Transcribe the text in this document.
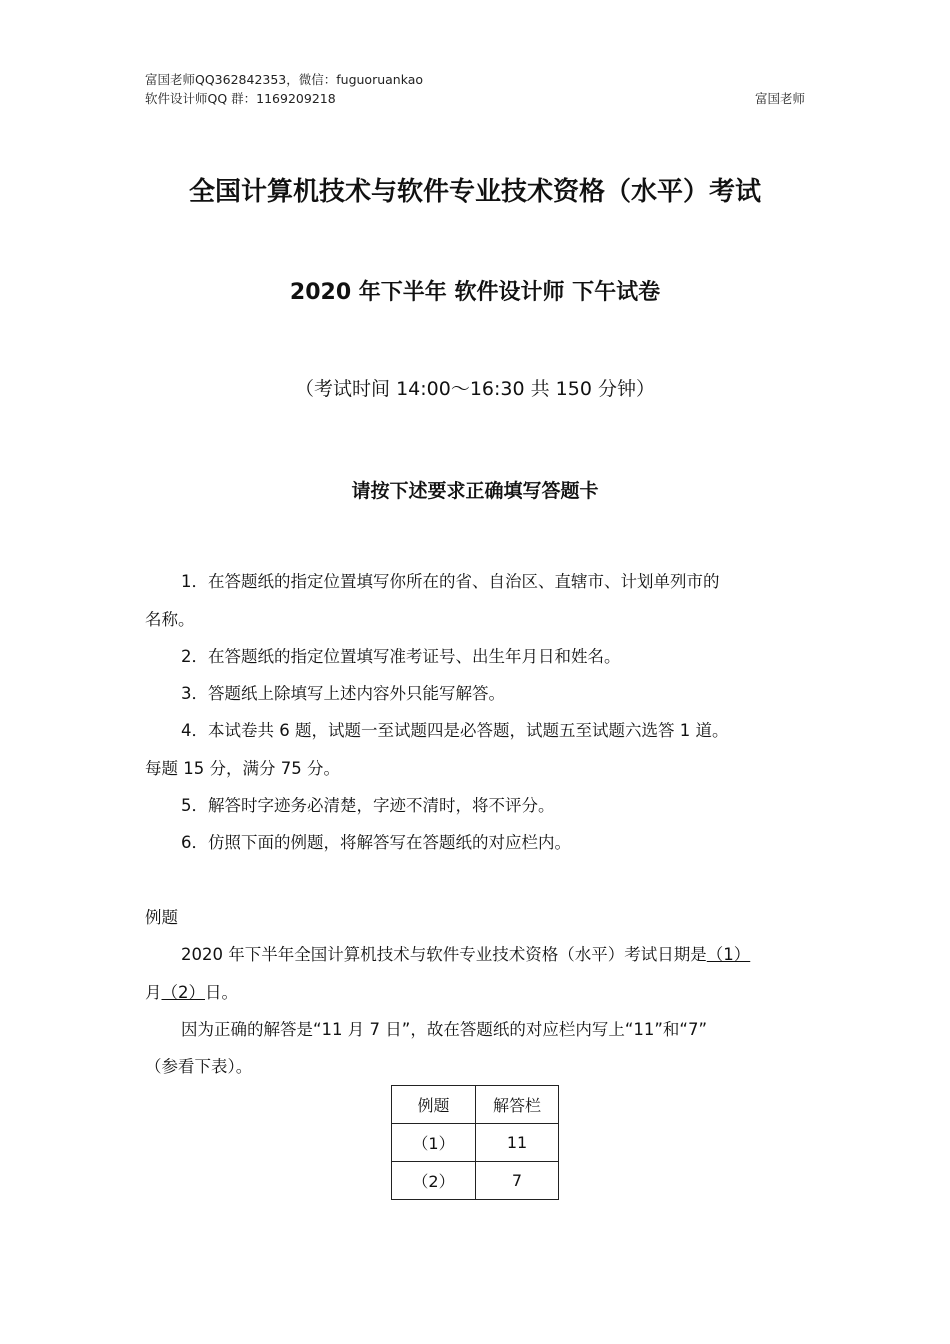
富国老师QQ362842353，微信：fuguoruankao
软件设计师QQ 群：1169209218	富国老师
全国计算机技术与软件专业技术资格（水平）考试
2020 年下半年 软件设计师 下午试卷
（考试时间 14:00～16:30 共 150 分钟）
请按下述要求正确填写答题卡
1．在答题纸的指定位置填写你所在的省、自治区、直辖市、计划单列市的
名称。
2．在答题纸的指定位置填写准考证号、出生年月日和姓名。
3．答题纸上除填写上述内容外只能写解答。
4．本试卷共 6 题，试题一至试题四是必答题，试题五至试题六选答 1 道。
每题 15 分，满分 75 分。
5．解答时字迹务必清楚，字迹不清时，将不评分。
6．仿照下面的例题，将解答写在答题纸的对应栏内。
例题
2020 年下半年全国计算机技术与软件专业技术资格（水平）考试日期是（1）
月（2）日。
因为正确的解答是“11 月 7 日”，故在答题纸的对应栏内写上“11”和“7”
（参看下表）。
例题	解答栏
（1）	11
（2）	7
